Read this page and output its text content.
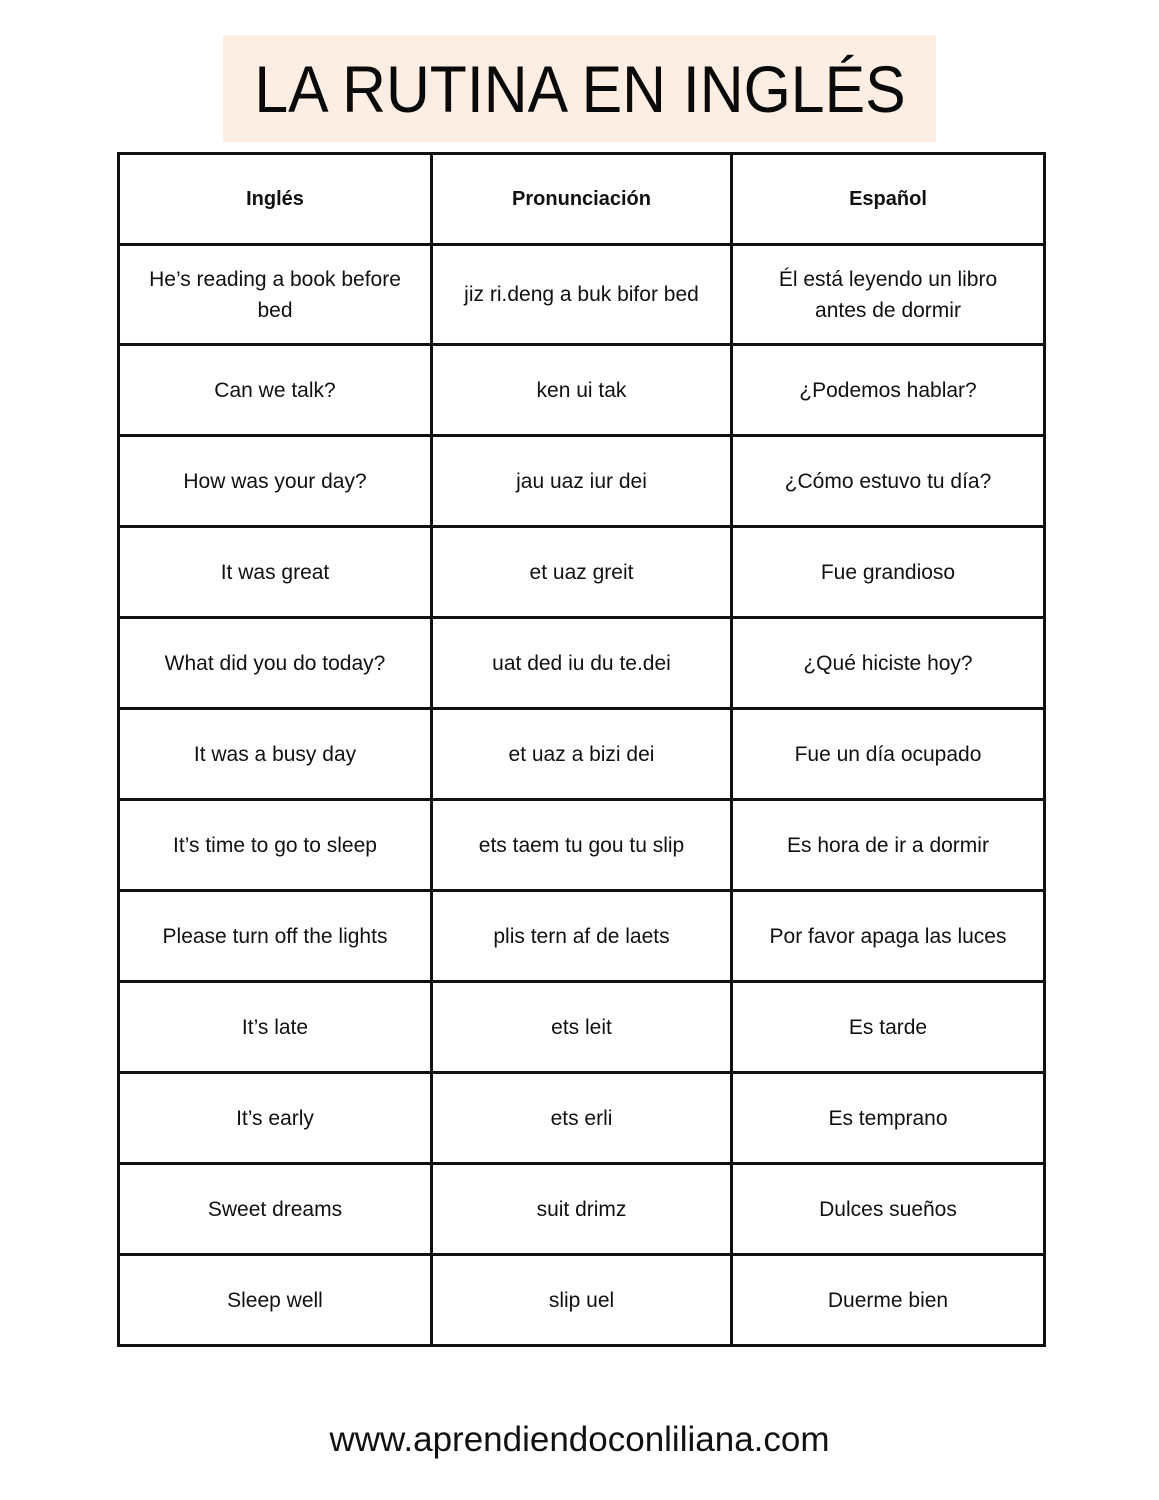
LA RUTINA EN INGLÉS
Inglés	Pronunciación	Español
He’s reading a book before bed	jiz ri.deng a buk bifor bed	Él está leyendo un libro antes de dormir
Can we talk?	ken ui tak	¿Podemos hablar?
How was your day?	jau uaz iur dei	¿Cómo estuvo tu día?
It was great	et uaz greit	Fue grandioso
What did you do today?	uat ded iu du te.dei	¿Qué hiciste hoy?
It was a busy day	et uaz a bizi dei	Fue un día ocupado
It’s time to go to sleep	ets taem tu gou tu slip	Es hora de ir a dormir
Please turn off the lights	plis tern af de laets	Por favor apaga las luces
It’s late	ets leit	Es tarde
It’s early	ets erli	Es temprano
Sweet dreams	suit drimz	Dulces sueños
Sleep well	slip uel	Duerme bien
www.aprendiendoconliliana.com
